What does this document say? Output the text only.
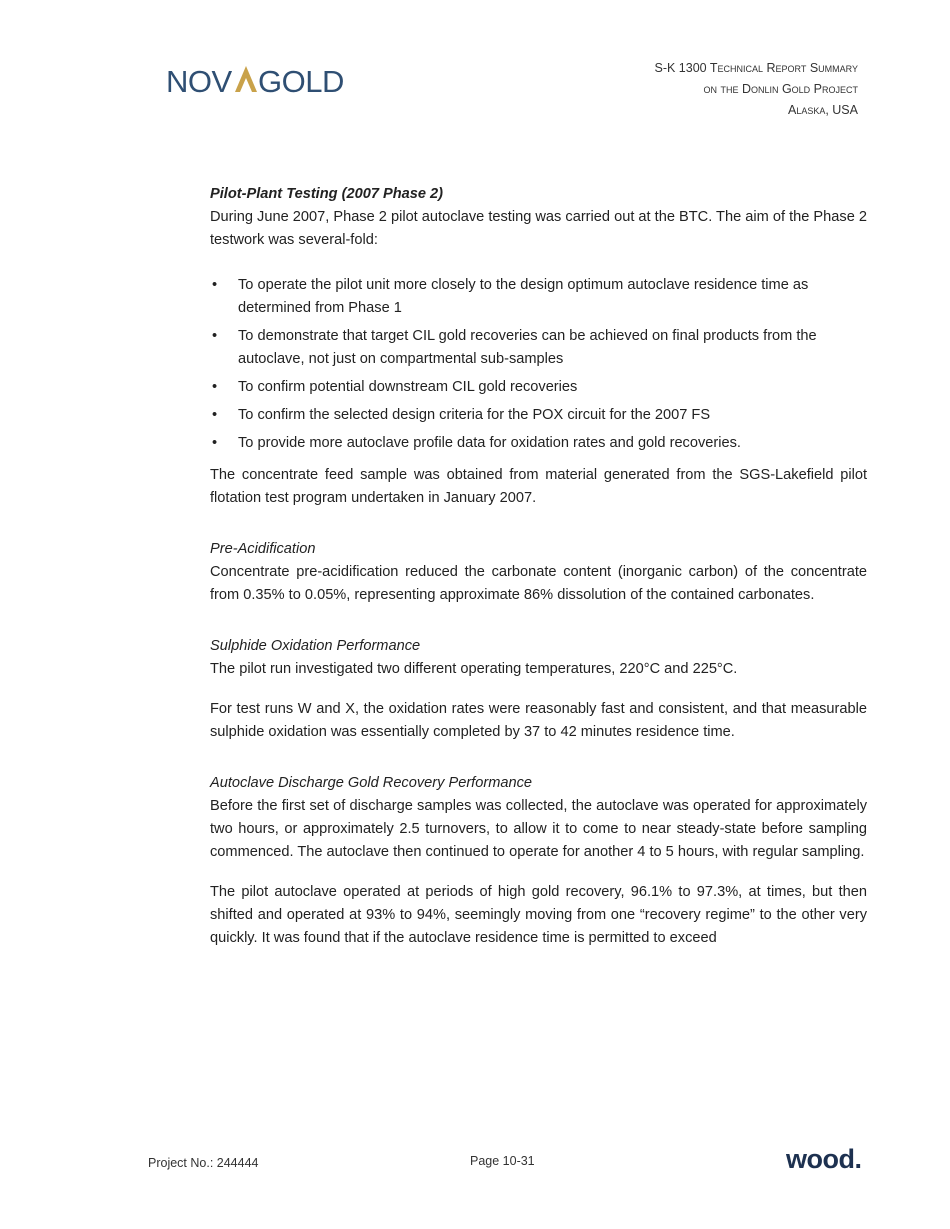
NOV GOLD	S-K 1300 Technical Report Summary
on the Donlin Gold Project
Alaska, USA

Pilot-Plant Testing (2007 Phase 2)

During June 2007, Phase 2 pilot autoclave testing was carried out at the BTC. The aim of the Phase 2 testwork was several-fold:

• To operate the pilot unit more closely to the design optimum autoclave residence time as determined from Phase 1
• To demonstrate that target CIL gold recoveries can be achieved on final products from the autoclave, not just on compartmental sub-samples
• To confirm potential downstream CIL gold recoveries
• To confirm the selected design criteria for the POX circuit for the 2007 FS
• To provide more autoclave profile data for oxidation rates and gold recoveries.

The concentrate feed sample was obtained from material generated from the SGS-Lakefield pilot flotation test program undertaken in January 2007.

Pre-Acidification

Concentrate pre-acidification reduced the carbonate content (inorganic carbon) of the concentrate from 0.35% to 0.05%, representing approximate 86% dissolution of the contained carbonates.

Sulphide Oxidation Performance

The pilot run investigated two different operating temperatures, 220°C and 225°C.

For test runs W and X, the oxidation rates were reasonably fast and consistent, and that measurable sulphide oxidation was essentially completed by 37 to 42 minutes residence time.

Autoclave Discharge Gold Recovery Performance

Before the first set of discharge samples was collected, the autoclave was operated for approximately two hours, or approximately 2.5 turnovers, to allow it to come to near steady-state before sampling commenced. The autoclave then continued to operate for another 4 to 5 hours, with regular sampling.

The pilot autoclave operated at periods of high gold recovery, 96.1% to 97.3%, at times, but then shifted and operated at 93% to 94%, seemingly moving from one “recovery regime” to the other very quickly. It was found that if the autoclave residence time is permitted to exceed

Project No.: 244444	Page 10-31	wood.
